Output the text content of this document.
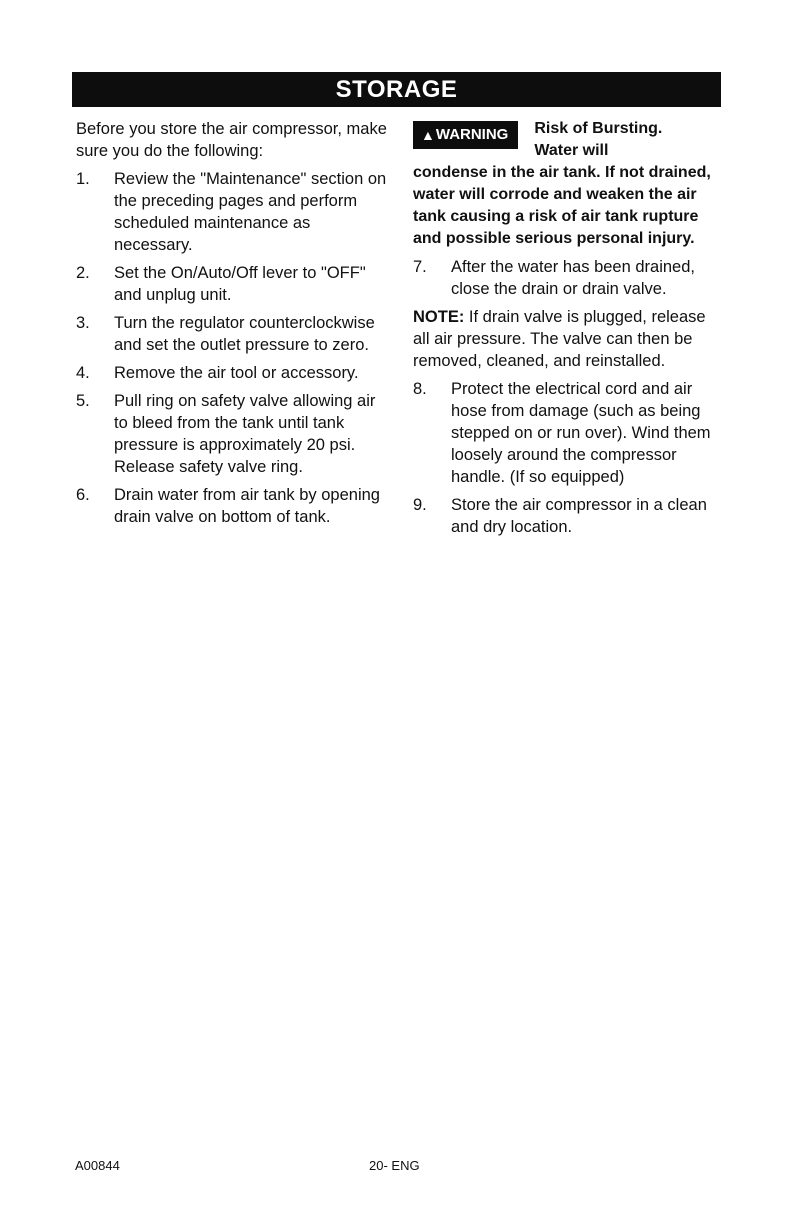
STORAGE

Before you store the air compressor, make sure you do the following:

1.	Review the "Maintenance" section on the preceding pages and perform scheduled maintenance as necessary.
2.	Set the On/Auto/Off lever to "OFF" and unplug unit.
3.	Turn the regulator counterclockwise and set the outlet pressure to zero.
4.	Remove the air tool or accessory.
5.	Pull ring on safety valve allowing air to bleed from the tank until tank pressure is approximately 20 psi. Release safety valve ring.
6.	Drain water from air tank by opening drain valve on bottom of tank.
▲ WARNING Risk of Bursting. Water will
condense in the air tank. If not drained, water will corrode and weaken the air tank causing a risk of air tank rupture and possible serious personal injury.
7.	After the water has been drained, close the drain or drain valve.

NOTE: If drain valve is plugged, release all air pressure. The valve can then be removed, cleaned, and reinstalled.

8.	Protect the electrical cord and air hose from damage (such as being stepped on or run over). Wind them loosely around the compressor handle. (If so equipped)
9.	Store the air compressor in a clean and dry location.
A00844	20- ENG
